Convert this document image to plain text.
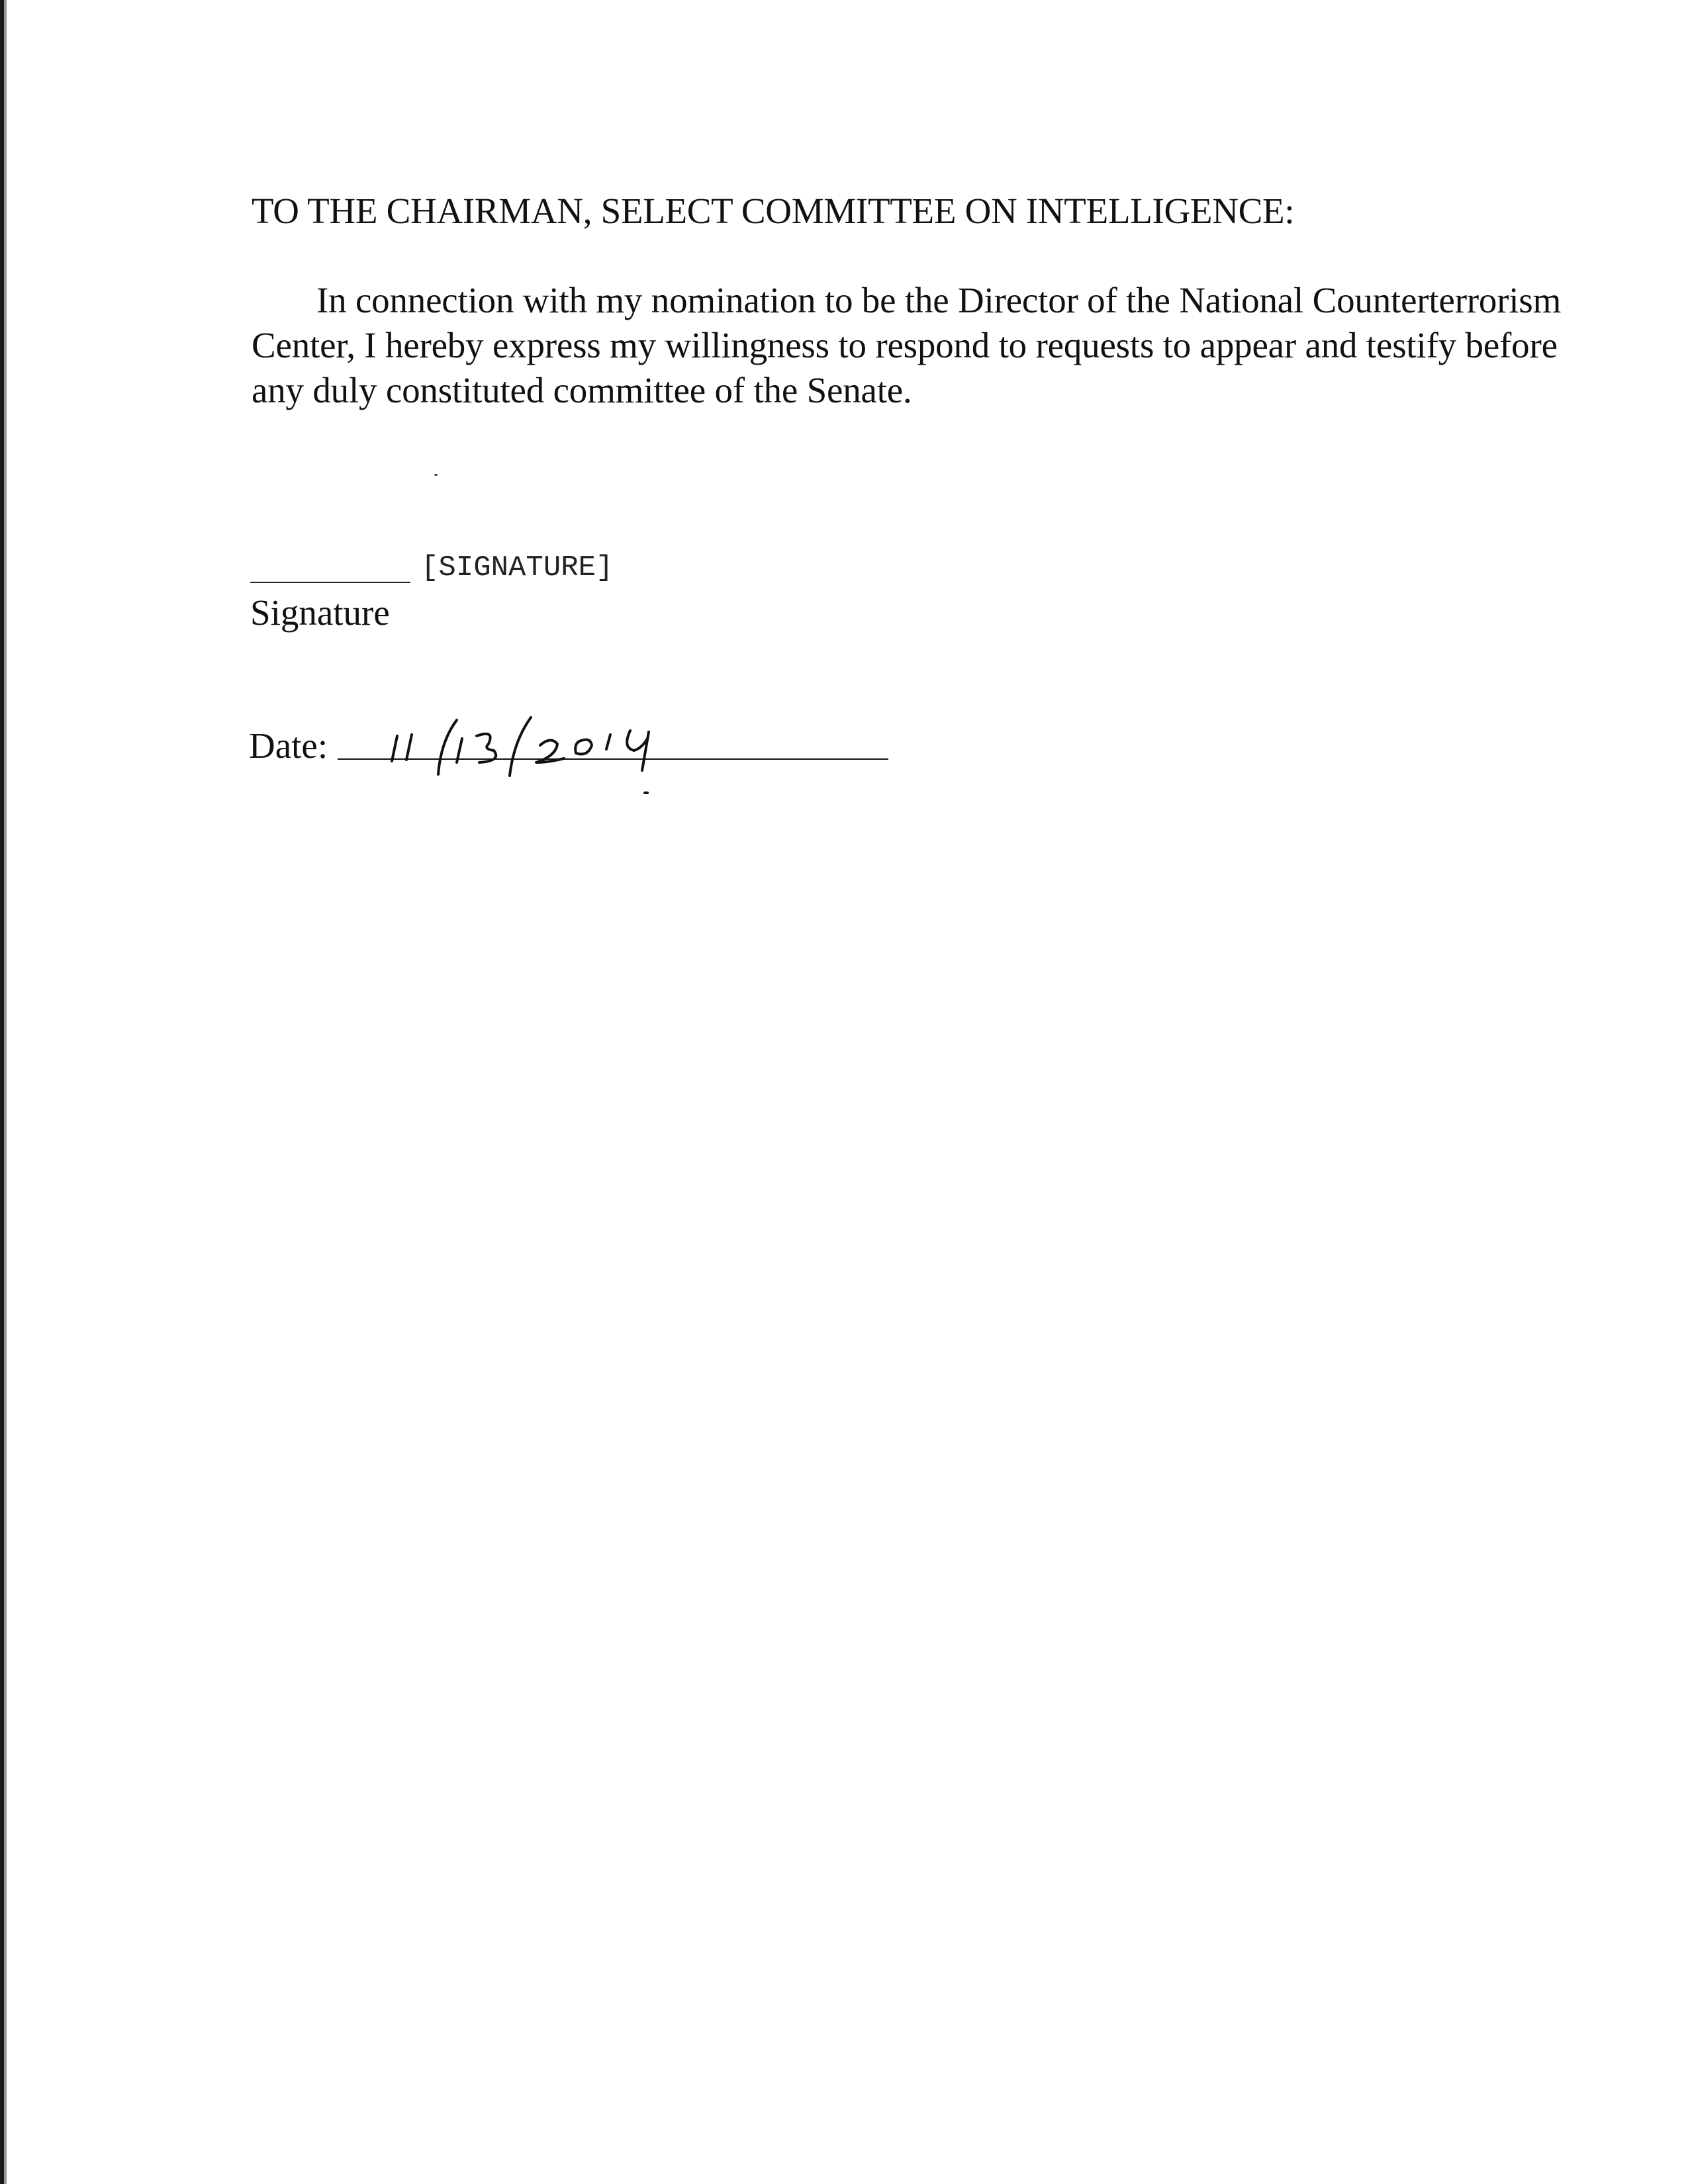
TO THE CHAIRMAN, SELECT COMMITTEE ON INTELLIGENCE:

In connection with my nomination to be the Director of the National Counterterrorism Center, I hereby express my willingness to respond to requests to appear and testify before any duly constituted committee of the Senate.

[SIGNATURE]
Signature
Date:
